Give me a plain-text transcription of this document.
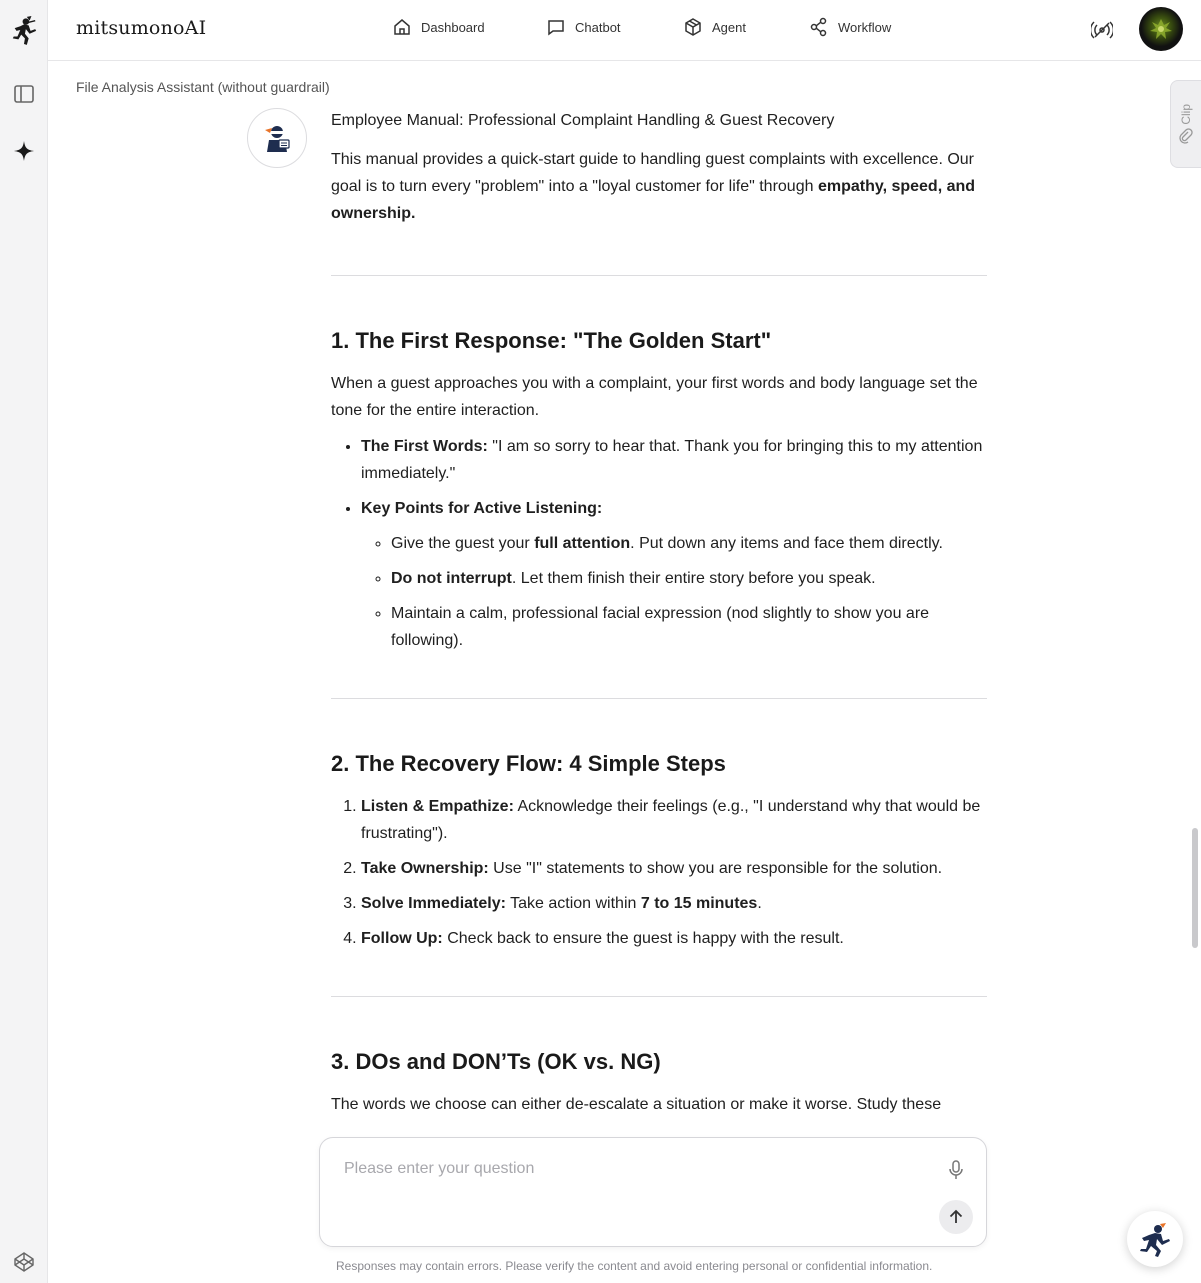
mitsumonoAI	Dashboard	Chatbot	Agent	Workflow
File Analysis Assistant (without guardrail)
Clip

Employee Manual: Professional Complaint Handling & Guest Recovery

This manual provides a quick-start guide to handling guest complaints with excellence. Our goal is to turn every "problem" into a "loyal customer for life" through empathy, speed, and ownership.

1. The First Response: "The Golden Start"

When a guest approaches you with a complaint, your first words and body language set the tone for the entire interaction.

• The First Words: "I am so sorry to hear that. Thank you for bringing this to my attention immediately."
• Key Points for Active Listening:
◦ Give the guest your full attention. Put down any items and face them directly.
◦ Do not interrupt. Let them finish their entire story before you speak.
◦ Maintain a calm, professional facial expression (nod slightly to show you are following).
2. The Recovery Flow: 4 Simple Steps
1. Listen & Empathize: Acknowledge their feelings (e.g., "I understand why that would be frustrating").
2. Take Ownership: Use "I" statements to show you are responsible for the solution.
3. Solve Immediately: Take action within 7 to 15 minutes.
4. Follow Up: Check back to ensure the guest is happy with the result.
3. DOs and DON’Ts (OK vs. NG)

The words we choose can either de-escalate a situation or make it worse. Study these

Please enter your question
Responses may contain errors. Please verify the content and avoid entering personal or confidential information.
